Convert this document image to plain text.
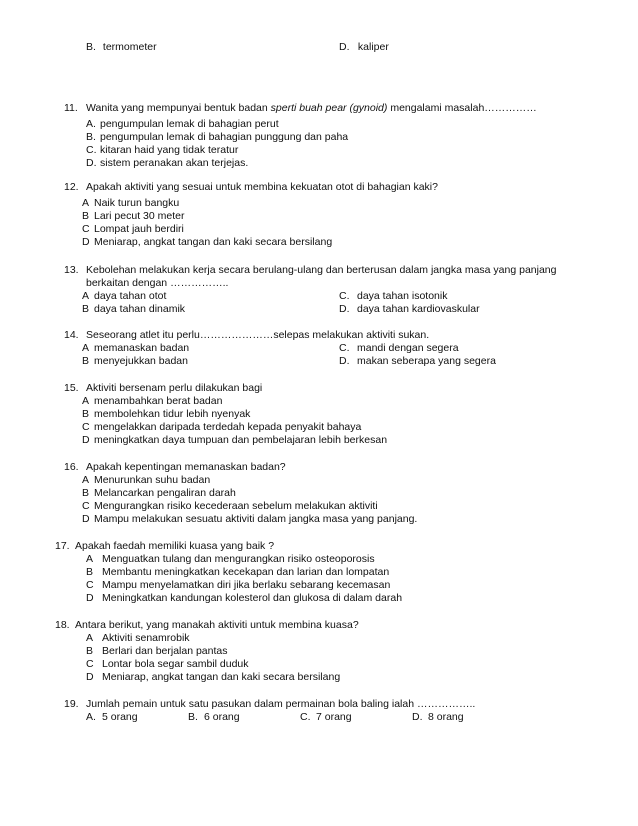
B. termometer	D. kaliper
11. Wanita yang mempunyai bentuk badan sperti buah pear (gynoid) mengalami masalah……………
A. pengumpulan lemak di bahagian perut
B. pengumpulan lemak di bahagian punggung dan paha
C. kitaran haid yang tidak teratur
D. sistem peranakan akan terjejas.
12. Apakah aktiviti yang sesuai untuk membina kekuatan otot di bahagian kaki?
A Naik turun bangku
B Lari pecut 30 meter
C Lompat jauh berdiri
D Meniarap, angkat tangan dan kaki secara bersilang
13. Kebolehan melakukan kerja secara berulang-ulang dan berterusan dalam jangka masa yang panjang
berkaitan dengan ……………..
A daya tahan otot
B daya tahan dinamik
C. daya tahan isotonik
D. daya tahan kardiovaskular
14. Seseorang atlet itu perlu…………………selepas melakukan aktiviti sukan.
A memanaskan badan
B menyejukkan badan
C. mandi dengan segera
D. makan seberapa yang segera
15. Aktiviti bersenam perlu dilakukan bagi
A menambahkan berat badan
B membolehkan tidur lebih nyenyak
C mengelakkan daripada terdedah kepada penyakit bahaya
D meningkatkan daya tumpuan dan pembelajaran lebih berkesan
16. Apakah kepentingan memanaskan badan?
A Menurunkan suhu badan
B Melancarkan pengaliran darah
C Mengurangkan risiko kecederaan sebelum melakukan aktiviti
D Mampu melakukan sesuatu aktiviti dalam jangka masa yang panjang.
17. Apakah faedah memiliki kuasa yang baik ?
A Menguatkan tulang dan mengurangkan risiko osteoporosis
B Membantu meningkatkan kecekapan dan larian dan lompatan
C Mampu menyelamatkan diri jika berlaku sebarang kecemasan
D Meningkatkan kandungan kolesterol dan glukosa di dalam darah
18. Antara berikut, yang manakah aktiviti untuk membina kuasa?
A Aktiviti senamrobik
B Berlari dan berjalan pantas
C Lontar bola segar sambil duduk
D Meniarap, angkat tangan dan kaki secara bersilang
19. Jumlah pemain untuk satu pasukan dalam permainan bola baling ialah ……………..
A. 5 orang	B. 6 orang	C. 7 orang	D. 8 orang
